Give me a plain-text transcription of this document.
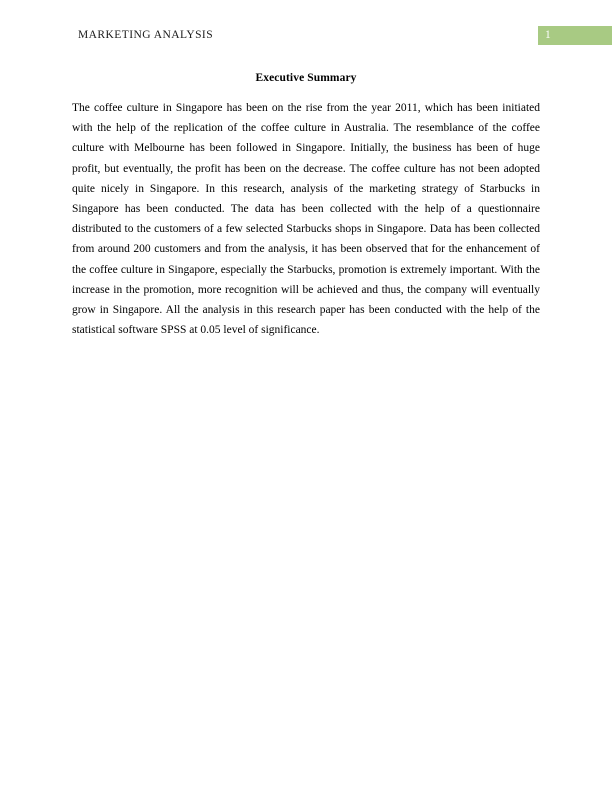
MARKETING ANALYSIS	1
Executive Summary

The coffee culture in Singapore has been on the rise from the year 2011, which has been initiated with the help of the replication of the coffee culture in Australia. The resemblance of the coffee culture with Melbourne has been followed in Singapore. Initially, the business has been of huge profit, but eventually, the profit has been on the decrease. The coffee culture has not been adopted quite nicely in Singapore. In this research, analysis of the marketing strategy of Starbucks in Singapore has been conducted. The data has been collected with the help of a questionnaire distributed to the customers of a few selected Starbucks shops in Singapore. Data has been collected from around 200 customers and from the analysis, it has been observed that for the enhancement of the coffee culture in Singapore, especially the Starbucks, promotion is extremely important. With the increase in the promotion, more recognition will be achieved and thus, the company will eventually grow in Singapore. All the analysis in this research paper has been conducted with the help of the statistical software SPSS at 0.05 level of significance.
